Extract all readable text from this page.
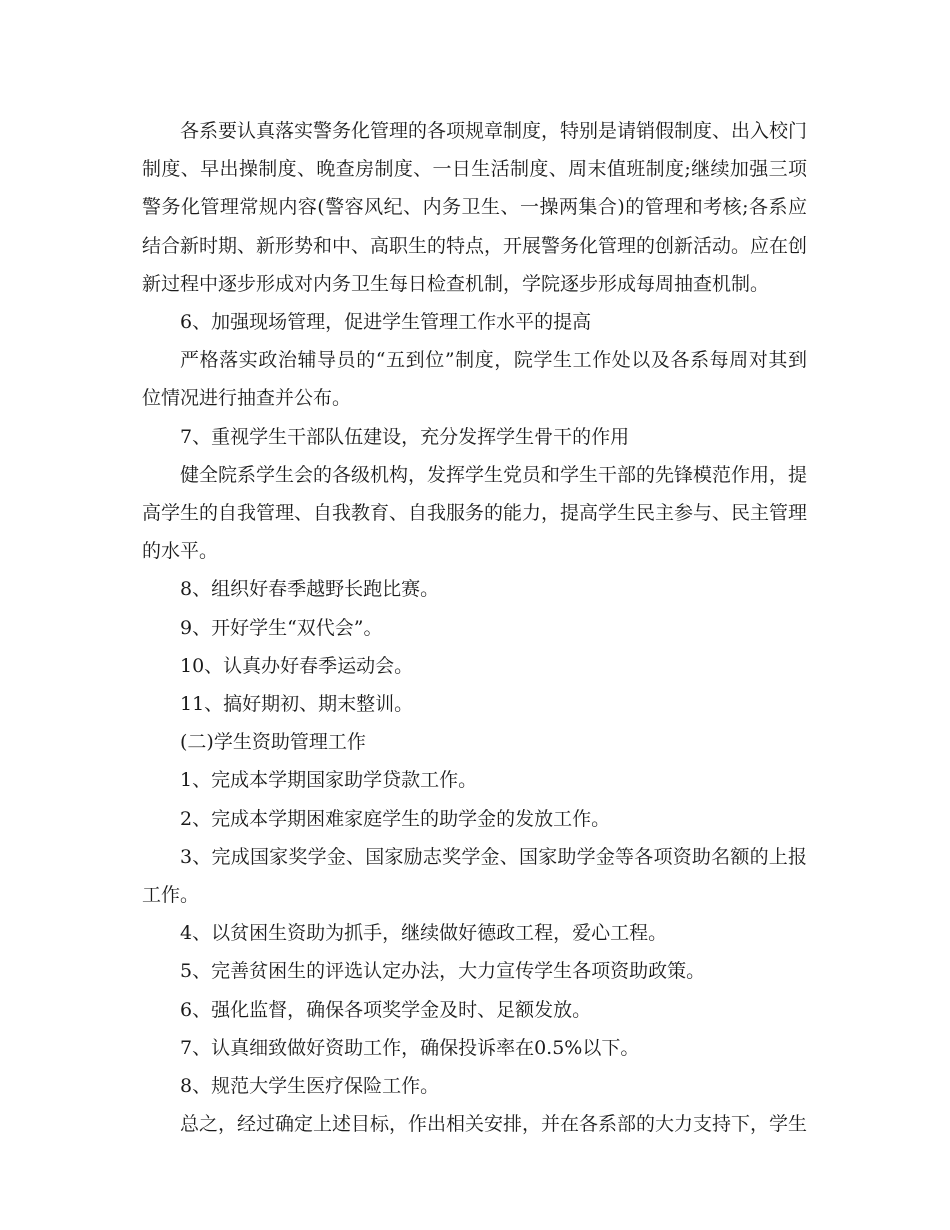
各系要认真落实警务化管理的各项规章制度，特别是请销假制度、出入校门制度、早出操制度、晚查房制度、一日生活制度、周末值班制度;继续加强三项警务化管理常规内容(警容风纪、内务卫生、一操两集合)的管理和考核;各系应结合新时期、新形势和中、高职生的特点，开展警务化管理的创新活动。应在创新过程中逐步形成对内务卫生每日检查机制，学院逐步形成每周抽查机制。

6、加强现场管理，促进学生管理工作水平的提高

严格落实政治辅导员的“五到位”制度，院学生工作处以及各系每周对其到位情况进行抽查并公布。

7、重视学生干部队伍建设，充分发挥学生骨干的作用

健全院系学生会的各级机构，发挥学生党员和学生干部的先锋模范作用，提高学生的自我管理、自我教育、自我服务的能力，提高学生民主参与、民主管理的水平。

8、组织好春季越野长跑比赛。

9、开好学生“双代会”。

10、认真办好春季运动会。

11、搞好期初、期末整训。

(二)学生资助管理工作

1、完成本学期国家助学贷款工作。

2、完成本学期困难家庭学生的助学金的发放工作。

3、完成国家奖学金、国家励志奖学金、国家助学金等各项资助名额的上报工作。

4、以贫困生资助为抓手，继续做好德政工程，爱心工程。

5、完善贫困生的评选认定办法，大力宣传学生各项资助政策。

6、强化监督，确保各项奖学金及时、足额发放。

7、认真细致做好资助工作，确保投诉率在0.5%以下。

8、规范大学生医疗保险工作。

总之，经过确定上述目标，作出相关安排，并在各系部的大力支持下，学生
